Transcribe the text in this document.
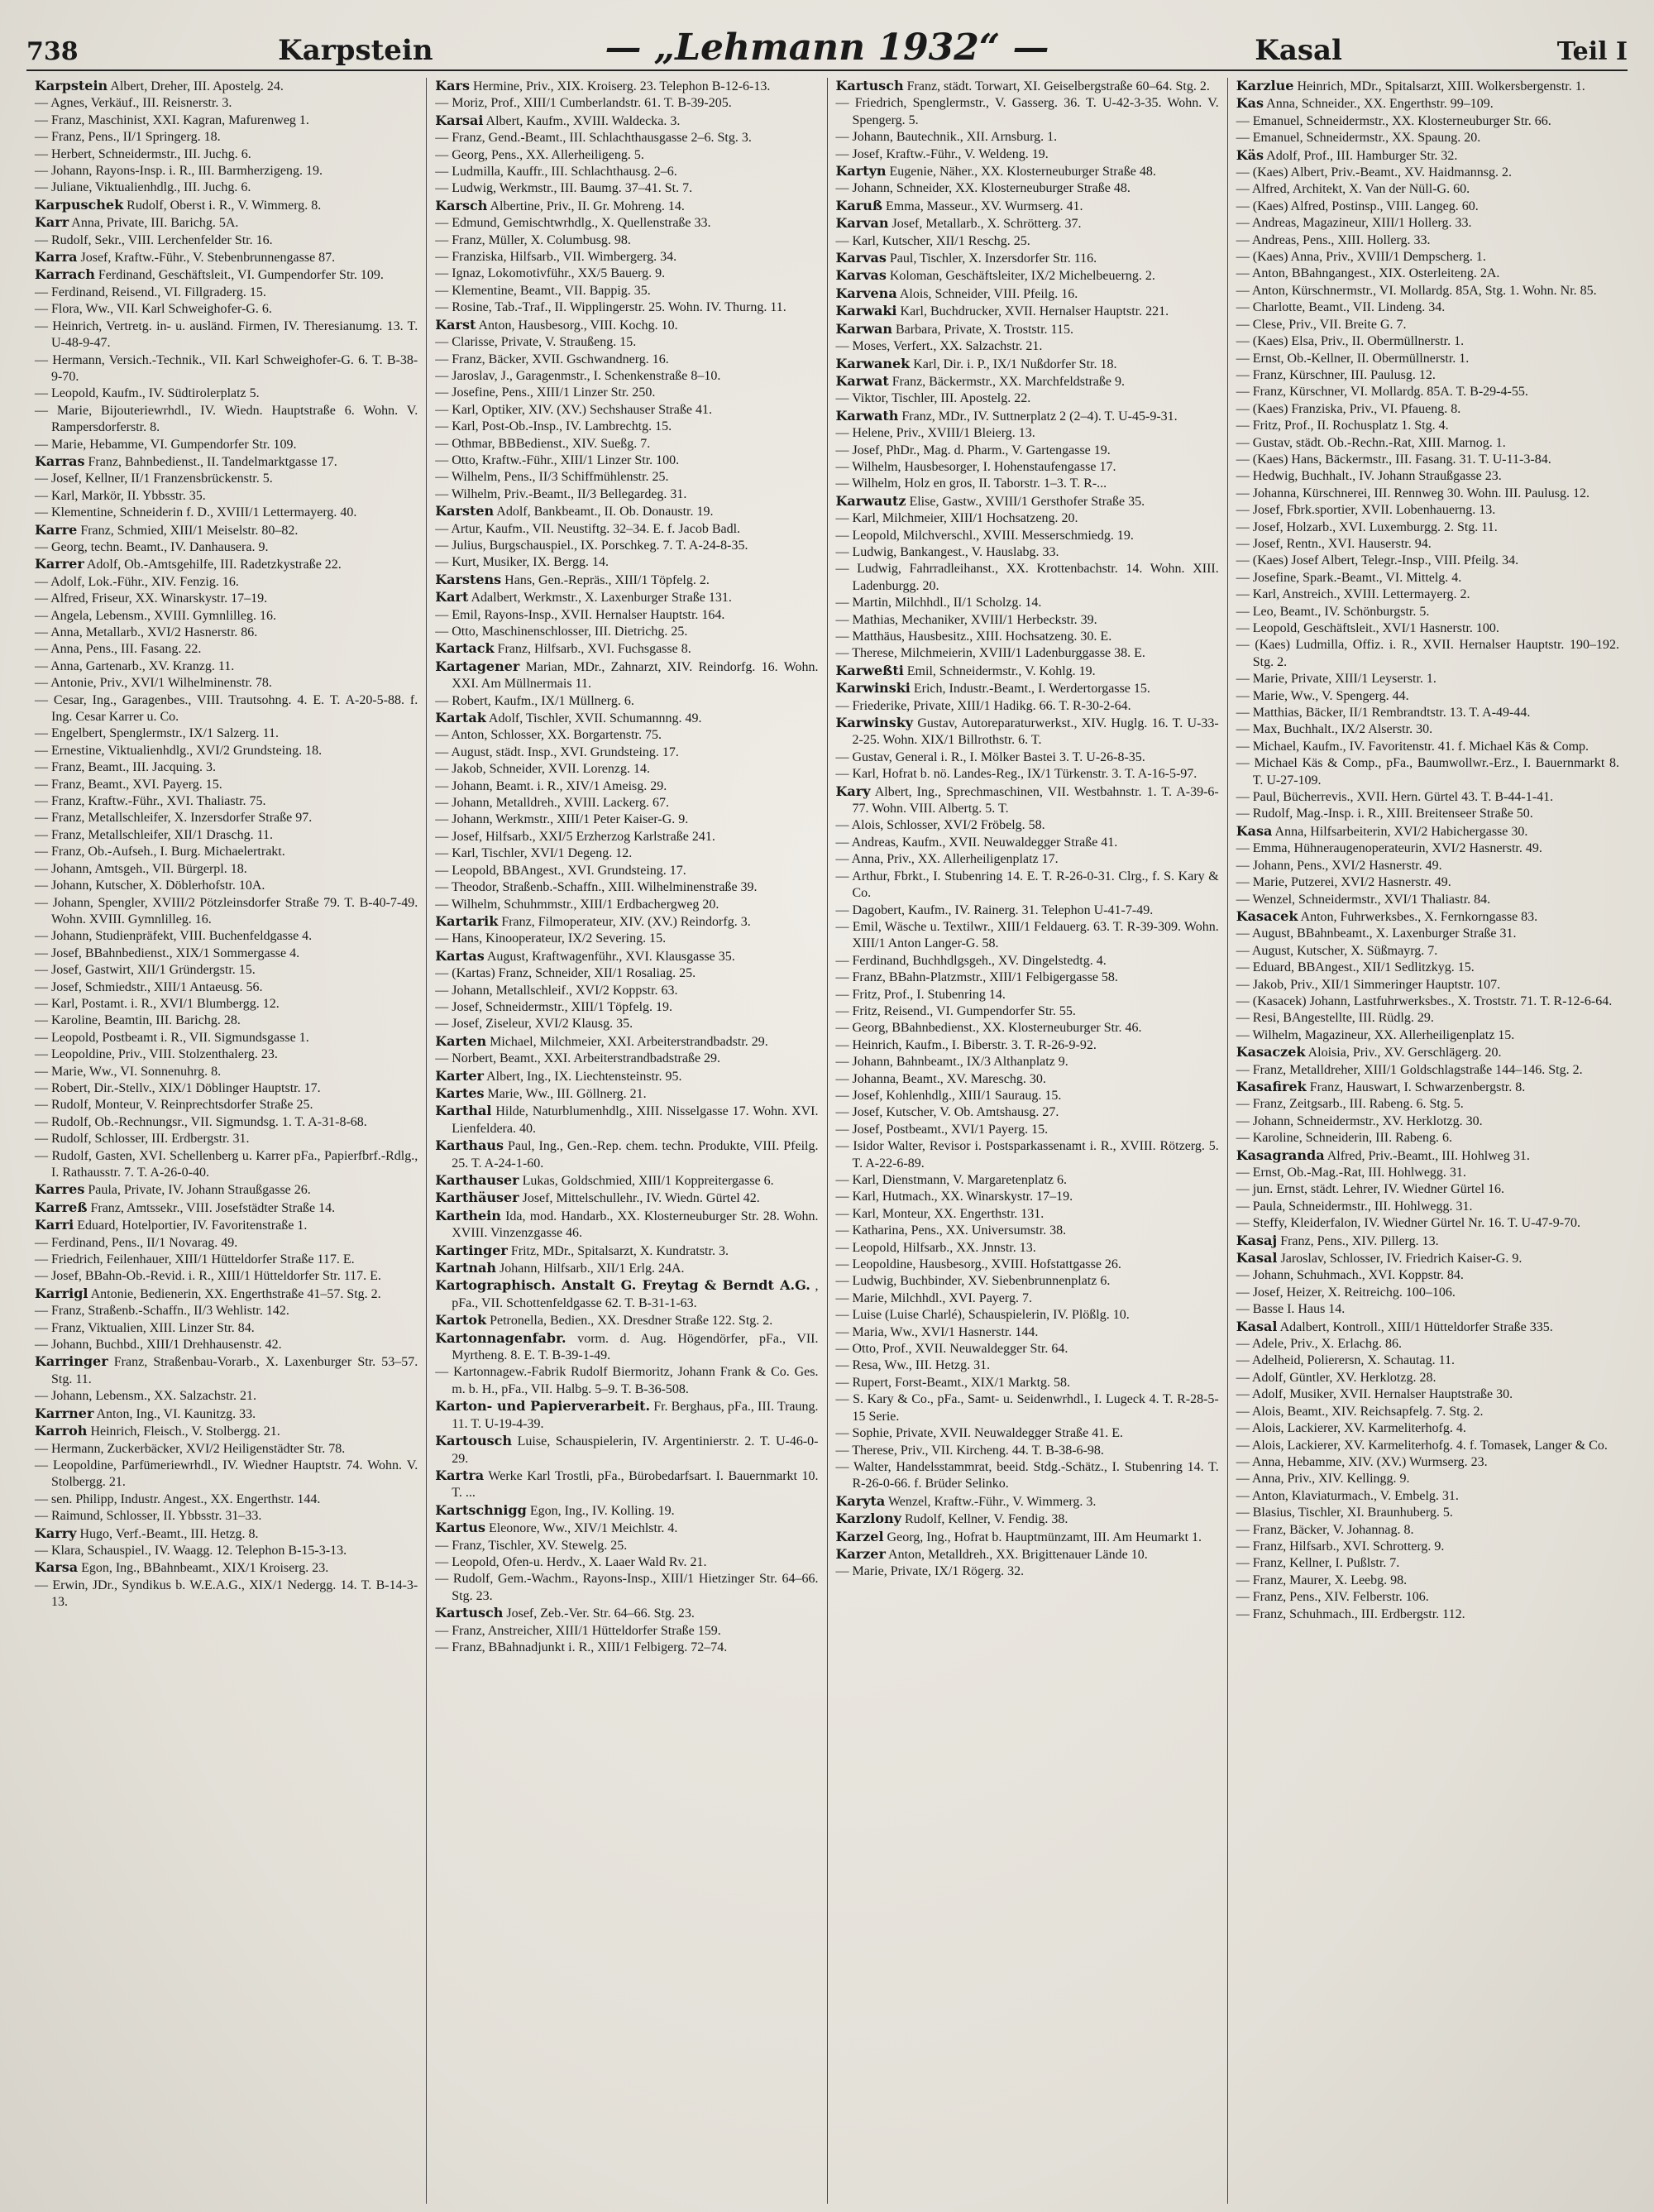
738	Karpstein	— „Lehmann 1932“ —	Kasal	Teil I

Karpstein Albert, Dreher, III. Apostelg. 24.

— Agnes, Verkäuf., III. Reisnerstr. 3.

— Franz, Maschinist, XXI. Kagran, Mafurenweg 1.

— Franz, Pens., II/1 Springerg. 18.

— Herbert, Schneidermstr., III. Juchg. 6.

— Johann, Rayons-Insp. i. R., III. Barmherzigeng. 19.

— Juliane, Viktualienhdlg., III. Juchg. 6.

Karpuschek Rudolf, Oberst i. R., V. Wimmerg. 8.

Karr Anna, Private, III. Barichg. 5A.

— Rudolf, Sekr., VIII. Lerchenfelder Str. 16.

Karra Josef, Kraftw.-Führ., V. Stebenbrunnengasse 87.

Karrach Ferdinand, Geschäftsleit., VI. Gumpendorfer Str. 109.

— Ferdinand, Reisend., VI. Fillgraderg. 15.

— Flora, Ww., VII. Karl Schweighofer-G. 6.

— Heinrich, Vertretg. in- u. ausländ. Firmen, IV. Theresianumg. 13. T. U-48-9-47.

— Hermann, Versich.-Technik., VII. Karl Schweighofer-G. 6. T. B-38-9-70.

— Leopold, Kaufm., IV. Südtirolerplatz 5.

— Marie, Bijouteriewrhdl., IV. Wiedn. Hauptstraße 6. Wohn. V. Rampersdorferstr. 8.

— Marie, Hebamme, VI. Gumpendorfer Str. 109.

Karras Franz, Bahnbedienst., II. Tandelmarktgasse 17.

— Josef, Kellner, II/1 Franzensbrückenstr. 5.

— Karl, Markör, II. Ybbsstr. 35.

— Klementine, Schneiderin f. D., XVIII/1 Lettermayerg. 40.

Karre Franz, Schmied, XIII/1 Meiselstr. 80–82.

— Georg, techn. Beamt., IV. Danhausera. 9.

Karrer Adolf, Ob.-Amtsgehilfe, III. Radetzkystraße 22.

— Adolf, Lok.-Führ., XIV. Fenzig. 16.

— Alfred, Friseur, XX. Winarskystr. 17–19.

— Angela, Lebensm., XVIII. Gymnlilleg. 16.

— Anna, Metallarb., XVI/2 Hasnerstr. 86.

— Anna, Pens., III. Fasang. 22.

— Anna, Gartenarb., XV. Kranzg. 11.

— Antonie, Priv., XVI/1 Wilhelminenstr. 78.

— Cesar, Ing., Garagenbes., VIII. Trautsohng. 4. E. T. A-20-5-88. f. Ing. Cesar Karrer u. Co.

— Engelbert, Spenglermstr., IX/1 Salzerg. 11.

— Ernestine, Viktualienhdlg., XVI/2 Grundsteing. 18.

— Franz, Beamt., III. Jacquing. 3.

— Franz, Beamt., XVI. Payerg. 15.

— Franz, Kraftw.-Führ., XVI. Thaliastr. 75.

— Franz, Metallschleifer, X. Inzersdorfer Straße 97.

— Franz, Metallschleifer, XII/1 Draschg. 11.

— Franz, Ob.-Aufseh., I. Burg. Michaelertrakt.

— Johann, Amtsgeh., VII. Bürgerpl. 18.

— Johann, Kutscher, X. Döblerhofstr. 10A.

— Johann, Spengler, XVIII/2 Pötzleinsdorfer Straße 79. T. B-40-7-49. Wohn. XVIII. Gymnlilleg. 16.

— Johann, Studienpräfekt, VIII. Buchenfeldgasse 4.

— Josef, BBahnbedienst., XIX/1 Sommergasse 4.

— Josef, Gastwirt, XII/1 Gründergstr. 15.

— Josef, Schmiedstr., XIII/1 Antaeusg. 56.

— Karl, Postamt. i. R., XVI/1 Blumbergg. 12.

— Karoline, Beamtin, III. Barichg. 28.

— Leopold, Postbeamt i. R., VII. Sigmundsgasse 1.

— Leopoldine, Priv., VIII. Stolzenthalerg. 23.

— Marie, Ww., VI. Sonnenuhrg. 8.

— Robert, Dir.-Stellv., XIX/1 Döblinger Hauptstr. 17.

— Rudolf, Monteur, V. Reinprechtsdorfer Straße 25.

— Rudolf, Ob.-Rechnungsr., VII. Sigmundsg. 1. T. A-31-8-68.

— Rudolf, Schlosser, III. Erdbergstr. 31.

— Rudolf, Gasten, XVI. Schellenberg u. Karrer pFa., Papierfbrf.-Rdlg., I. Rathausstr. 7. T. A-26-0-40.

Karres Paula, Private, IV. Johann Straußgasse 26.

Karreß Franz, Amtssekr., VIII. Josefstädter Straße 14.

Karri Eduard, Hotelportier, IV. Favoritenstraße 1.

— Ferdinand, Pens., II/1 Novarag. 49.

— Friedrich, Feilenhauer, XIII/1 Hütteldorfer Straße 117. E.

— Josef, BBahn-Ob.-Revid. i. R., XIII/1 Hütteldorfer Str. 117. E.

Karrigl Antonie, Bedienerin, XX. Engerthstraße 41–57. Stg. 2.

— Franz, Straßenb.-Schaffn., II/3 Wehlistr. 142.

— Franz, Viktualien, XIII. Linzer Str. 84.

— Johann, Buchbd., XIII/1 Drehhausenstr. 42.

Karringer Franz, Straßenbau-Vorarb., X. Laxenburger Str. 53–57. Stg. 11.

— Johann, Lebensm., XX. Salzachstr. 21.

Karrner Anton, Ing., VI. Kaunitzg. 33.

Karroh Heinrich, Fleisch., V. Stolbergg. 21.

— Hermann, Zuckerbäcker, XVI/2 Heiligenstädter Str. 78.

— Leopoldine, Parfümeriewrhdl., IV. Wiedner Hauptstr. 74. Wohn. V. Stolbergg. 21.

— sen. Philipp, Industr. Angest., XX. Engerthstr. 144.

— Raimund, Schlosser, II. Ybbsstr. 31–33.

Karry Hugo, Verf.-Beamt., III. Hetzg. 8.

— Klara, Schauspiel., IV. Waagg. 12. Telephon B-15-3-13.

Karsa Egon, Ing., BBahnbeamt., XIX/1 Kroiserg. 23.

— Erwin, JDr., Syndikus b. W.E.A.G., XIX/1 Nedergg. 14. T. B-14-3-13.

Kars Hermine, Priv., XIX. Kroiserg. 23. Telephon B-12-6-13.

— Moriz, Prof., XIII/1 Cumberlandstr. 61. T. B-39-205.

Karsai Albert, Kaufm., XVIII. Waldecka. 3.

— Franz, Gend.-Beamt., III. Schlachthausgasse 2–6. Stg. 3.

— Georg, Pens., XX. Allerheiligeng. 5.

— Ludmilla, Kauffr., III. Schlachthausg. 2–6.

— Ludwig, Werkmstr., III. Baumg. 37–41. St. 7.

Karsch Albertine, Priv., II. Gr. Mohreng. 14.

— Edmund, Gemischtwrhdlg., X. Quellenstraße 33.

— Franz, Müller, X. Columbusg. 98.

— Franziska, Hilfsarb., VII. Wimbergerg. 34.

— Ignaz, Lokomotivführ., XX/5 Bauerg. 9.

— Klementine, Beamt., VII. Bappig. 35.

— Rosine, Tab.-Traf., II. Wipplingerstr. 25. Wohn. IV. Thurng. 11.

Karst Anton, Hausbesorg., VIII. Kochg. 10.

— Clarisse, Private, V. Straußeng. 15.

— Franz, Bäcker, XVII. Gschwandnerg. 16.

— Jaroslav, J., Garagenmstr., I. Schenkenstraße 8–10.

— Josefine, Pens., XIII/1 Linzer Str. 250.

— Karl, Optiker, XIV. (XV.) Sechshauser Straße 41.

— Karl, Post-Ob.-Insp., IV. Lambrechtg. 15.

— Othmar, BBBedienst., XIV. Sueßg. 7.

— Otto, Kraftw.-Führ., XIII/1 Linzer Str. 100.

— Wilhelm, Pens., II/3 Schiffmühlenstr. 25.

— Wilhelm, Priv.-Beamt., II/3 Bellegardeg. 31.

Karsten Adolf, Bankbeamt., II. Ob. Donaustr. 19.

— Artur, Kaufm., VII. Neustiftg. 32–34. E. f. Jacob Badl.

— Julius, Burgschauspiel., IX. Porschkeg. 7. T. A-24-8-35.

— Kurt, Musiker, IX. Bergg. 14.

Karstens Hans, Gen.-Repräs., XIII/1 Töpfelg. 2.

Kart Adalbert, Werkmstr., X. Laxenburger Straße 131.

— Emil, Rayons-Insp., XVII. Hernalser Hauptstr. 164.

— Otto, Maschinenschlosser, III. Dietrichg. 25.

Kartack Franz, Hilfsarb., XVI. Fuchsgasse 8.

Kartagener Marian, MDr., Zahnarzt, XIV. Reindorfg. 16. Wohn. XXI. Am Müllnermais 11.

— Robert, Kaufm., IX/1 Müllnerg. 6.

Kartak Adolf, Tischler, XVII. Schumannng. 49.

— Anton, Schlosser, XX. Borgartenstr. 75.

— August, städt. Insp., XVI. Grundsteing. 17.

— Jakob, Schneider, XVII. Lorenzg. 14.

— Johann, Beamt. i. R., XIV/1 Ameisg. 29.

— Johann, Metalldreh., XVIII. Lackerg. 67.

— Johann, Werkmstr., XIII/1 Peter Kaiser-G. 9.

— Josef, Hilfsarb., XXI/5 Erzherzog Karlstraße 241.

— Karl, Tischler, XVI/1 Degeng. 12.

— Leopold, BBAngest., XVI. Grundsteing. 17.

— Theodor, Straßenb.-Schaffn., XIII. Wilhelminenstraße 39.

— Wilhelm, Schuhmmstr., XIII/1 Erdbachergweg 20.

Kartarik Franz, Filmoperateur, XIV. (XV.) Reindorfg. 3.

— Hans, Kinooperateur, IX/2 Severing. 15.

Kartas August, Kraftwagenführ., XVI. Klausgasse 35.

— (Kartas) Franz, Schneider, XII/1 Rosaliag. 25.

— Johann, Metallschleif., XVI/2 Koppstr. 63.

— Josef, Schneidermstr., XIII/1 Töpfelg. 19.

— Josef, Ziseleur, XVI/2 Klausg. 35.

Karten Michael, Milchmeier, XXI. Arbeiterstrandbadstr. 29.

— Norbert, Beamt., XXI. Arbeiterstrandbadstraße 29.

Karter Albert, Ing., IX. Liechtensteinstr. 95.

Kartes Marie, Ww., III. Göllnerg. 21.

Karthal Hilde, Naturblumenhdlg., XIII. Nisselgasse 17. Wohn. XVI. Lienfeldera. 40.

Karthaus Paul, Ing., Gen.-Rep. chem. techn. Produkte, VIII. Pfeilg. 25. T. A-24-1-60.

Karthauser Lukas, Goldschmied, XIII/1 Koppreitergasse 6.

Karthäuser Josef, Mittelschullehr., IV. Wiedn. Gürtel 42.

Karthein Ida, mod. Handarb., XX. Klosterneuburger Str. 28. Wohn. XVIII. Vinzenzgasse 46.

Kartinger Fritz, MDr., Spitalsarzt, X. Kundratstr. 3.

Kartnah Johann, Hilfsarb., XII/1 Erlg. 24A.

Kartographisch. Anstalt G. Freytag & Berndt A.G. , pFa., VII. Schottenfeldgasse 62. T. B-31-1-63.

Kartok Petronella, Bedien., XX. Dresdner Straße 122. Stg. 2.

Kartonnagenfabr. vorm. d. Aug. Högendörfer, pFa., VII. Myrtheng. 8. E. T. B-39-1-49.

— Kartonnagew.-Fabrik Rudolf Biermoritz, Johann Frank & Co. Ges. m. b. H., pFa., VII. Halbg. 5–9. T. B-36-508.

Karton- und Papierverarbeit. Fr. Berghaus, pFa., III. Traung. 11. T. U-19-4-39.

Kartousch Luise, Schauspielerin, IV. Argentinierstr. 2. T. U-46-0-29.

Kartra Werke Karl Trostli, pFa., Bürobedarfsart. I. Bauernmarkt 10. T. ...

Kartschnigg Egon, Ing., IV. Kolling. 19.

Kartus Eleonore, Ww., XIV/1 Meichlstr. 4.

— Franz, Tischler, XV. Stewelg. 25.

— Leopold, Ofen-u. Herdv., X. Laaer Wald Rv. 21.

— Rudolf, Gem.-Wachm., Rayons-Insp., XIII/1 Hietzinger Str. 64–66. Stg. 23.

Kartusch Josef, Zeb.-Ver. Str. 64–66. Stg. 23.

— Franz, Anstreicher, XIII/1 Hütteldorfer Straße 159.

— Franz, BBahnadjunkt i. R., XIII/1 Felbigerg. 72–74.

Kartusch Franz, städt. Torwart, XI. Geiselbergstraße 60–64. Stg. 2.

— Friedrich, Spenglermstr., V. Gasserg. 36. T. U-42-3-35. Wohn. V. Spengerg. 5.

— Johann, Bautechnik., XII. Arnsburg. 1.

— Josef, Kraftw.-Führ., V. Weldeng. 19.

Kartyn Eugenie, Näher., XX. Klosterneuburger Straße 48.

— Johann, Schneider, XX. Klosterneuburger Straße 48.

Karuß Emma, Masseur., XV. Wurmserg. 41.

Karvan Josef, Metallarb., X. Schrötterg. 37.

— Karl, Kutscher, XII/1 Reschg. 25.

Karvas Paul, Tischler, X. Inzersdorfer Str. 116.

Karvas Koloman, Geschäftsleiter, IX/2 Michelbeuerng. 2.

Karvena Alois, Schneider, VIII. Pfeilg. 16.

Karwaki Karl, Buchdrucker, XVII. Hernalser Hauptstr. 221.

Karwan Barbara, Private, X. Troststr. 115.

— Moses, Verfert., XX. Salzachstr. 21.

Karwanek Karl, Dir. i. P., IX/1 Nußdorfer Str. 18.

Karwat Franz, Bäckermstr., XX. Marchfeldstraße 9.

— Viktor, Tischler, III. Apostelg. 22.

Karwath Franz, MDr., IV. Suttnerplatz 2 (2–4). T. U-45-9-31.

— Helene, Priv., XVIII/1 Bleierg. 13.

— Josef, PhDr., Mag. d. Pharm., V. Gartengasse 19.

— Wilhelm, Hausbesorger, I. Hohenstaufengasse 17.

— Wilhelm, Holz en gros, II. Taborstr. 1–3. T. R-...

Karwautz Elise, Gastw., XVIII/1 Gersthofer Straße 35.

— Karl, Milchmeier, XIII/1 Hochsatzeng. 20.

— Leopold, Milchverschl., XVIII. Messerschmiedg. 19.

— Ludwig, Bankangest., V. Hauslabg. 33.

— Ludwig, Fahrradleihanst., XX. Krottenbachstr. 14. Wohn. XIII. Ladenburgg. 20.

— Martin, Milchhdl., II/1 Scholzg. 14.

— Mathias, Mechaniker, XVIII/1 Herbeckstr. 39.

— Matthäus, Hausbesitz., XIII. Hochsatzeng. 30. E.

— Therese, Milchmeierin, XVIII/1 Ladenburggasse 38. E.

Karweßti Emil, Schneidermstr., V. Kohlg. 19.

Karwinski Erich, Industr.-Beamt., I. Werdertorgasse 15.

— Friederike, Private, XIII/1 Hadikg. 66. T. R-30-2-64.

Karwinsky Gustav, Autoreparaturwerkst., XIV. Huglg. 16. T. U-33-2-25. Wohn. XIX/1 Billrothstr. 6. T.

— Gustav, General i. R., I. Mölker Bastei 3. T. U-26-8-35.

— Karl, Hofrat b. nö. Landes-Reg., IX/1 Türkenstr. 3. T. A-16-5-97.

Kary Albert, Ing., Sprechmaschinen, VII. Westbahnstr. 1. T. A-39-6-77. Wohn. VIII. Albertg. 5. T.

— Alois, Schlosser, XVI/2 Fröbelg. 58.

— Andreas, Kaufm., XVII. Neuwaldegger Straße 41.

— Anna, Priv., XX. Allerheiligenplatz 17.

— Arthur, Fbrkt., I. Stubenring 14. E. T. R-26-0-31. Clrg., f. S. Kary & Co.

— Dagobert, Kaufm., IV. Rainerg. 31. Telephon U-41-7-49.

— Emil, Wäsche u. Textilwr., XIII/1 Feldauerg. 63. T. R-39-309. Wohn. XIII/1 Anton Langer-G. 58.

— Ferdinand, Buchhdlgsgeh., XV. Dingelstedtg. 4.

— Franz, BBahn-Platzmstr., XIII/1 Felbigergasse 58.

— Fritz, Prof., I. Stubenring 14.

— Fritz, Reisend., VI. Gumpendorfer Str. 55.

— Georg, BBahnbedienst., XX. Klosterneuburger Str. 46.

— Heinrich, Kaufm., I. Biberstr. 3. T. R-26-9-92.

— Johann, Bahnbeamt., IX/3 Althanplatz 9.

— Johanna, Beamt., XV. Mareschg. 30.

— Josef, Kohlenhdlg., XIII/1 Sauraug. 15.

— Josef, Kutscher, V. Ob. Amtshausg. 27.

— Josef, Postbeamt., XVI/1 Payerg. 15.

— Isidor Walter, Revisor i. Postsparkassenamt i. R., XVIII. Rötzerg. 5. T. A-22-6-89.

— Karl, Dienstmann, V. Margaretenplatz 6.

— Karl, Hutmach., XX. Winarskystr. 17–19.

— Karl, Monteur, XX. Engerthstr. 131.

— Katharina, Pens., XX. Universumstr. 38.

— Leopold, Hilfsarb., XX. Jnnstr. 13.

— Leopoldine, Hausbesorg., XVIII. Hofstattgasse 26.

— Ludwig, Buchbinder, XV. Siebenbrunnenplatz 6.

— Marie, Milchhdl., XVI. Payerg. 7.

— Luise (Luise Charlé), Schauspielerin, IV. Plößlg. 10.

— Maria, Ww., XVI/1 Hasnerstr. 144.

— Otto, Prof., XVII. Neuwaldegger Str. 64.

— Resa, Ww., III. Hetzg. 31.

— Rupert, Forst-Beamt., XIX/1 Marktg. 58.

— S. Kary & Co., pFa., Samt- u. Seidenwrhdl., I. Lugeck 4. T. R-28-5-15 Serie.

— Sophie, Private, XVII. Neuwaldegger Straße 41. E.

— Therese, Priv., VII. Kircheng. 44. T. B-38-6-98.

— Walter, Handelsstammrat, beeid. Stdg.-Schätz., I. Stubenring 14. T. R-26-0-66. f. Brüder Selinko.

Karyta Wenzel, Kraftw.-Führ., V. Wimmerg. 3.

Karzlony Rudolf, Kellner, V. Fendig. 38.

Karzel Georg, Ing., Hofrat b. Hauptmünzamt, III. Am Heumarkt 1.

Karzer Anton, Metalldreh., XX. Brigittenauer Lände 10.

— Marie, Private, IX/1 Rögerg. 32.

Karzlue Heinrich, MDr., Spitalsarzt, XIII. Wolkersbergenstr. 1.

Kas Anna, Schneider., XX. Engerthstr. 99–109.

— Emanuel, Schneidermstr., XX. Klosterneuburger Str. 66.

— Emanuel, Schneidermstr., XX. Spaung. 20.

Käs Adolf, Prof., III. Hamburger Str. 32.

— (Kaes) Albert, Priv.-Beamt., XV. Haidmannsg. 2.

— Alfred, Architekt, X. Van der Nüll-G. 60.

— (Kaes) Alfred, Postinsp., VIII. Langeg. 60.

— Andreas, Magazineur, XIII/1 Hollerg. 33.

— Andreas, Pens., XIII. Hollerg. 33.

— (Kaes) Anna, Priv., XVIII/1 Dempscherg. 1.

— Anton, BBahngangest., XIX. Osterleiteng. 2A.

— Anton, Kürschnermstr., VI. Mollardg. 85A, Stg. 1. Wohn. Nr. 85.

— Charlotte, Beamt., VII. Lindeng. 34.

— Clese, Priv., VII. Breite G. 7.

— (Kaes) Elsa, Priv., II. Obermüllnerstr. 1.

— Ernst, Ob.-Kellner, II. Obermüllnerstr. 1.

— Franz, Kürschner, III. Paulusg. 12.

— Franz, Kürschner, VI. Mollardg. 85A. T. B-29-4-55.

— (Kaes) Franziska, Priv., VI. Pfaueng. 8.

— Fritz, Prof., II. Rochusplatz 1. Stg. 4.

— Gustav, städt. Ob.-Rechn.-Rat, XIII. Marnog. 1.

— (Kaes) Hans, Bäckermstr., III. Fasang. 31. T. U-11-3-84.

— Hedwig, Buchhalt., IV. Johann Straußgasse 23.

— Johanna, Kürschnerei, III. Rennweg 30. Wohn. III. Paulusg. 12.

— Josef, Fbrk.sportier, XVII. Lobenhauerng. 13.

— Josef, Holzarb., XVI. Luxemburgg. 2. Stg. 11.

— Josef, Rentn., XVI. Hauserstr. 94.

— (Kaes) Josef Albert, Telegr.-Insp., VIII. Pfeilg. 34.

— Josefine, Spark.-Beamt., VI. Mittelg. 4.

— Karl, Anstreich., XVIII. Lettermayerg. 2.

— Leo, Beamt., IV. Schönburgstr. 5.

— Leopold, Geschäftsleit., XVI/1 Hasnerstr. 100.

— (Kaes) Ludmilla, Offiz. i. R., XVII. Hernalser Hauptstr. 190–192. Stg. 2.

— Marie, Private, XIII/1 Leyserstr. 1.

— Marie, Ww., V. Spengerg. 44.

— Matthias, Bäcker, II/1 Rembrandtstr. 13. T. A-49-44.

— Max, Buchhalt., IX/2 Alserstr. 30.

— Michael, Kaufm., IV. Favoritenstr. 41. f. Michael Käs & Comp.

— Michael Käs & Comp., pFa., Baumwollwr.-Erz., I. Bauernmarkt 8. T. U-27-109.

— Paul, Bücherrevis., XVII. Hern. Gürtel 43. T. B-44-1-41.

— Rudolf, Mag.-Insp. i. R., XIII. Breitenseer Straße 50.

Kasa Anna, Hilfsarbeiterin, XVI/2 Habichergasse 30.

— Emma, Hühneraugenoperateurin, XVI/2 Hasnerstr. 49.

— Johann, Pens., XVI/2 Hasnerstr. 49.

— Marie, Putzerei, XVI/2 Hasnerstr. 49.

— Wenzel, Schneidermstr., XVI/1 Thaliastr. 84.

Kasacek Anton, Fuhrwerksbes., X. Fernkorngasse 83.

— August, BBahnbeamt., X. Laxenburger Straße 31.

— August, Kutscher, X. Süßmayrg. 7.

— Eduard, BBAngest., XII/1 Sedlitzkyg. 15.

— Jakob, Priv., XII/1 Simmeringer Hauptstr. 107.

— (Kasacek) Johann, Lastfuhrwerksbes., X. Troststr. 71. T. R-12-6-64.

— Resi, BAngestellte, III. Rüdlg. 29.

— Wilhelm, Magazineur, XX. Allerheiligenplatz 15.

Kasaczek Aloisia, Priv., XV. Gerschlägerg. 20.

— Franz, Metalldreher, XIII/1 Goldschlagstraße 144–146. Stg. 2.

Kasafirek Franz, Hauswart, I. Schwarzenbergstr. 8.

— Franz, Zeitgsarb., III. Rabeng. 6. Stg. 5.

— Johann, Schneidermstr., XV. Herklotzg. 30.

— Karoline, Schneiderin, III. Rabeng. 6.

Kasagranda Alfred, Priv.-Beamt., III. Hohlweg 31.

— Ernst, Ob.-Mag.-Rat, III. Hohlwegg. 31.

— jun. Ernst, städt. Lehrer, IV. Wiedner Gürtel 16.

— Paula, Schneidermstr., III. Hohlwegg. 31.

— Steffy, Kleiderfalon, IV. Wiedner Gürtel Nr. 16. T. U-47-9-70.

Kasaj Franz, Pens., XIV. Pillerg. 13.

Kasal Jaroslav, Schlosser, IV. Friedrich Kaiser-G. 9.

— Johann, Schuhmach., XVI. Koppstr. 84.

— Josef, Heizer, X. Reitreichg. 100–106.

— Basse I. Haus 14.

Kasal Adalbert, Kontroll., XIII/1 Hütteldorfer Straße 335.

— Adele, Priv., X. Erlachg. 86.

— Adelheid, Polierersn, X. Schautag. 11.

— Adolf, Güntler, XV. Herklotzg. 28.

— Adolf, Musiker, XVII. Hernalser Hauptstraße 30.

— Alois, Beamt., XIV. Reichsapfelg. 7. Stg. 2.

— Alois, Lackierer, XV. Karmeliterhofg. 4.

— Alois, Lackierer, XV. Karmeliterhofg. 4. f. Tomasek, Langer & Co.

— Anna, Hebamme, XIV. (XV.) Wurmserg. 23.

— Anna, Priv., XIV. Kellingg. 9.

— Anton, Klaviaturmach., V. Embelg. 31.

— Blasius, Tischler, XI. Braunhuberg. 5.

— Franz, Bäcker, V. Johannag. 8.

— Franz, Hilfsarb., XVI. Schrotterg. 9.

— Franz, Kellner, I. Pußlstr. 7.

— Franz, Maurer, X. Leebg. 98.

— Franz, Pens., XIV. Felberstr. 106.

— Franz, Schuhmach., III. Erdbergstr. 112.
